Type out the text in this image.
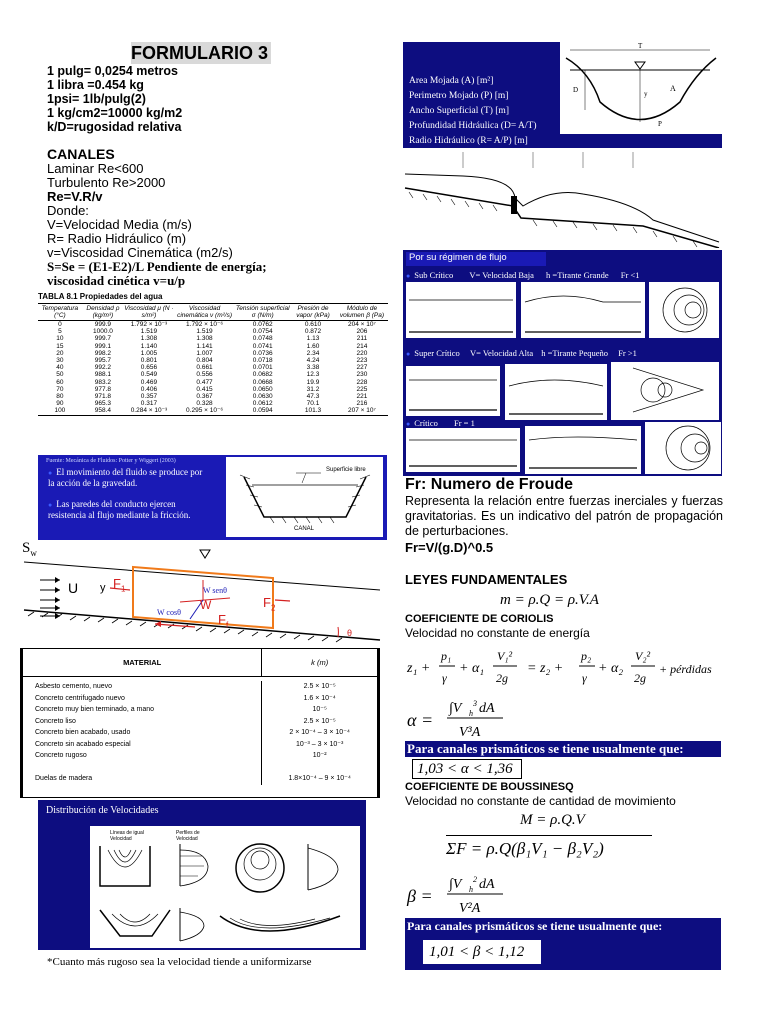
FORMULARIO 3
1 pulg= 0,0254 metros
1 libra =0.454 kg
1psi= 1lb/pulg(2)
1 kg/cm2=10000 kg/m2
k/D=rugosidad relativa
CANALES
Laminar Re<600
Turbulento Re>2000
Re=V.R/v
Donde:
V=Velocidad Media (m/s)
R= Radio Hidráulico (m)
v=Viscosidad Cinemática (m2/s)
S=Se = (E1-E2)/L Pendiente de energía;
viscosidad cinética v=u/p
TABLA 8.1 Propiedades del agua
Temperatura (°C)	Densidad ρ (kg/m³)	Viscosidad μ (N · s/m²)	Viscosidad cinemática ν (m²/s)	Tensión superficial σ (N/m)	Presión de vapor (kPa)	Módulo de volumen β (Pa)
0	999.9	1.792 × 10⁻³	1.792 × 10⁻⁶	0.0762	0.610	204 × 10⁷
5	1000.0	1.519	1.519	0.0754	0.872	206
10	999.7	1.308	1.308	0.0748	1.13	211
15	999.1	1.140	1.141	0.0741	1.60	214
20	998.2	1.005	1.007	0.0736	2.34	220
30	995.7	0.801	0.804	0.0718	4.24	223
40	992.2	0.656	0.661	0.0701	3.38	227
50	988.1	0.549	0.556	0.0682	12.3	230
60	983.2	0.469	0.477	0.0668	19.9	228
70	977.8	0.406	0.415	0.0650	31.2	225
80	971.8	0.357	0.367	0.0630	47.3	221
90	965.3	0.317	0.328	0.0612	70.1	216
100	958.4	0.284 × 10⁻³	0.295 × 10⁻⁶	0.0594	101.3	207 × 10⁷
Fuente: Mecánica de Fluidos: Potter y Wiggert (2003)
● El movimiento del fluido se produce por la acción de la gravedad.
● Las paredes del conducto ejercen resistencia al flujo mediante la fricción.
Superficie libre
CANAL
$S_w$
U y $F_1$
$F_2$
$F_f$
W senθ
W cosθ
W
θ
MATERIAL	k (m)
Asbesto cemento, nuevo	2.5 × 10⁻⁵
Concreto centrifugado nuevo	1.6 × 10⁻⁴
Concreto muy bien terminado, a mano	10⁻⁵
Concreto liso	2.5 × 10⁻⁵
Concreto bien acabado, usado	2 × 10⁻⁴ – 3 × 10⁻⁴
Concreto sin acabado especial	10⁻³ – 3 × 10⁻³
Concreto rugoso	10⁻²

Duelas de madera	1.8×10⁻⁴ – 9 × 10⁻⁴
Distribución de Velocidades
Líneas de igual Velocidad
Perfiles de Velocidad
*Cuanto más rugoso sea la velocidad tiende a uniformizarse
Area Mojada (A) [m²]
Perimetro Mojado (P) [m]
Ancho Superficial (T) [m]
Profundidad Hidráulica (D= A/T)
Radio Hidráulico (R= A/P) [m]
T
D	y
A
P
Por su régimen de flujo
● Sub Crítico V= Velocidad Baja h =Tirante Grande Fr <1
● Super Crítico V= Velocidad Alta h =Tirante Pequeño Fr >1
● Crítico Fr = 1
Fr: Numero de Froude
Representa la relación entre fuerzas inerciales y fuerzas gravitatorias. Es un indicativo del patrón de propagación de perturbaciones.
Fr=V/(g.D)^0.5
LEYES FUNDAMENTALES
m = ρ.Q = ρ.V.A
COEFICIENTE DE CORIOLIS
Velocidad no constante de energía
z₁ +
p₁
γ
+ α₁
V₁²
2g
= z₂ +
p₂
γ
+ α₂
V₂²
2g
+ pérdidas
α =
∫V h
3 dA
V³A
Para canales prismáticos se tiene usualmente que:
1,03 < α < 1,36
COEFICIENTE DE BOUSSINESQ
Velocidad no constante de cantidad de movimiento
M = ρ.Q.V
ΣF = ρ.Q(β₁V₁ − β₂V₂)
β =
∫V h
2 dA
V²A
Para canales prismáticos se tiene usualmente que:
1,01 < β < 1,12
